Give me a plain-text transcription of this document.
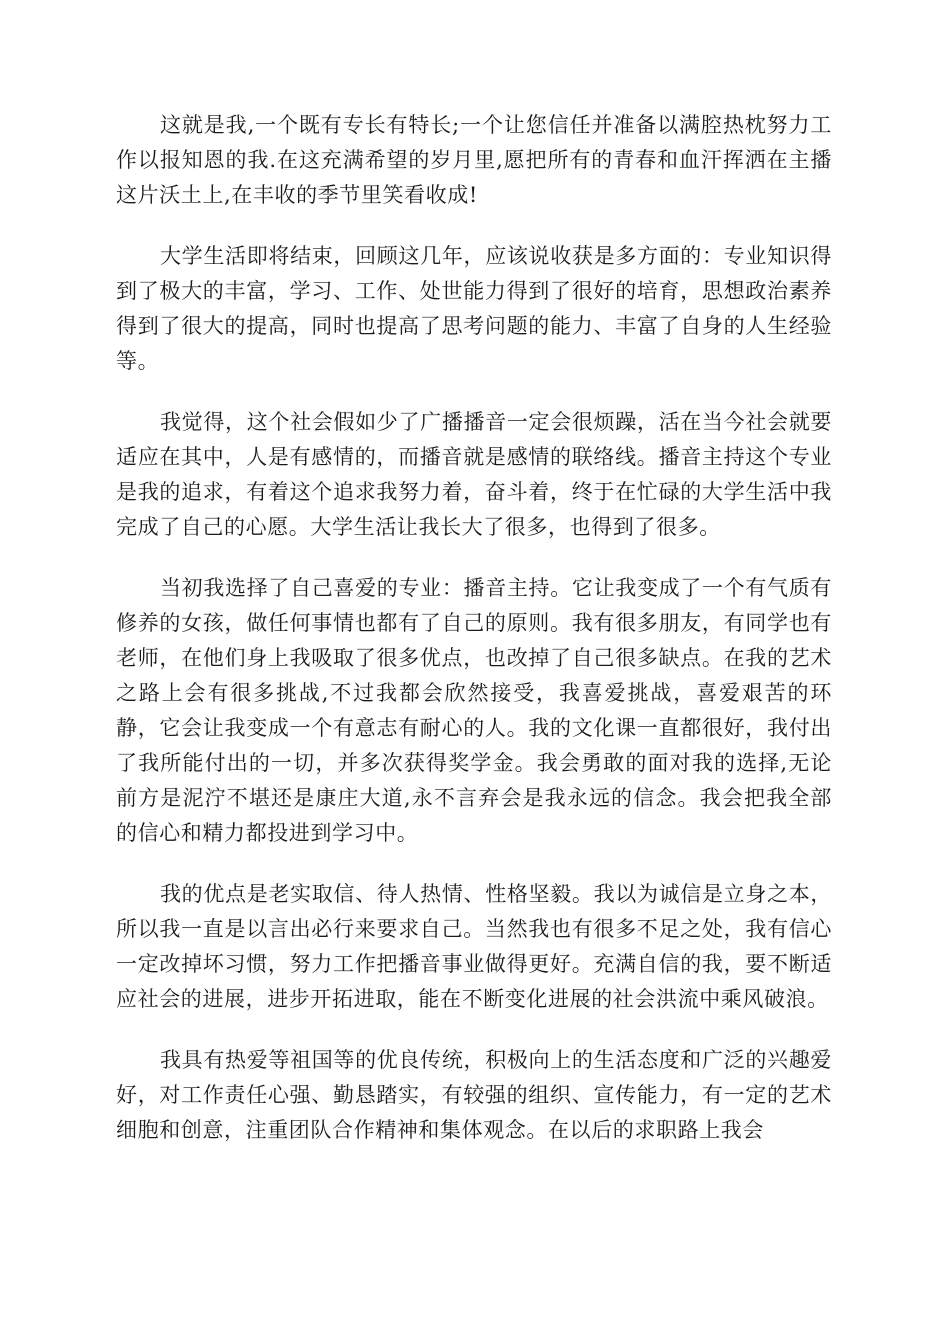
这就是我,一个既有专长有特长;一个让您信任并准备以满腔热枕努力工作以报知恩的我.在这充满希望的岁月里,愿把所有的青春和血汗挥洒在主播这片沃土上,在丰收的季节里笑看收成!

大学生活即将结束，回顾这几年，应该说收获是多方面的：专业知识得到了极大的丰富，学习、工作、处世能力得到了很好的培育，思想政治素养得到了很大的提高，同时也提高了思考问题的能力、丰富了自身的人生经验等。

我觉得，这个社会假如少了广播播音一定会很烦躁，活在当今社会就要适应在其中，人是有感情的，而播音就是感情的联络线。播音主持这个专业是我的追求，有着这个追求我努力着，奋斗着，终于在忙碌的大学生活中我完成了自己的心愿。大学生活让我长大了很多，也得到了很多。

当初我选择了自己喜爱的专业：播音主持。它让我变成了一个有气质有修养的女孩，做任何事情也都有了自己的原则。我有很多朋友，有同学也有老师，在他们身上我吸取了很多优点，也改掉了自己很多缺点。在我的艺术之路上会有很多挑战,不过我都会欣然接受，我喜爱挑战，喜爱艰苦的环静，它会让我变成一个有意志有耐心的人。我的文化课一直都很好，我付出了我所能付出的一切，并多次获得奖学金。我会勇敢的面对我的选择,无论前方是泥泞不堪还是康庄大道,永不言弃会是我永远的信念。我会把我全部的信心和精力都投进到学习中。

我的优点是老实取信、待人热情、性格坚毅。我以为诚信是立身之本，所以我一直是以言出必行来要求自己。当然我也有很多不足之处，我有信心一定改掉坏习惯，努力工作把播音事业做得更好。充满自信的我，要不断适应社会的进展，进步开拓进取，能在不断变化进展的社会洪流中乘风破浪。

我具有热爱等祖国等的优良传统，积极向上的生活态度和广泛的兴趣爱好，对工作责任心强、勤恳踏实，有较强的组织、宣传能力，有一定的艺术细胞和创意，注重团队合作精神和集体观念。在以后的求职路上我会
